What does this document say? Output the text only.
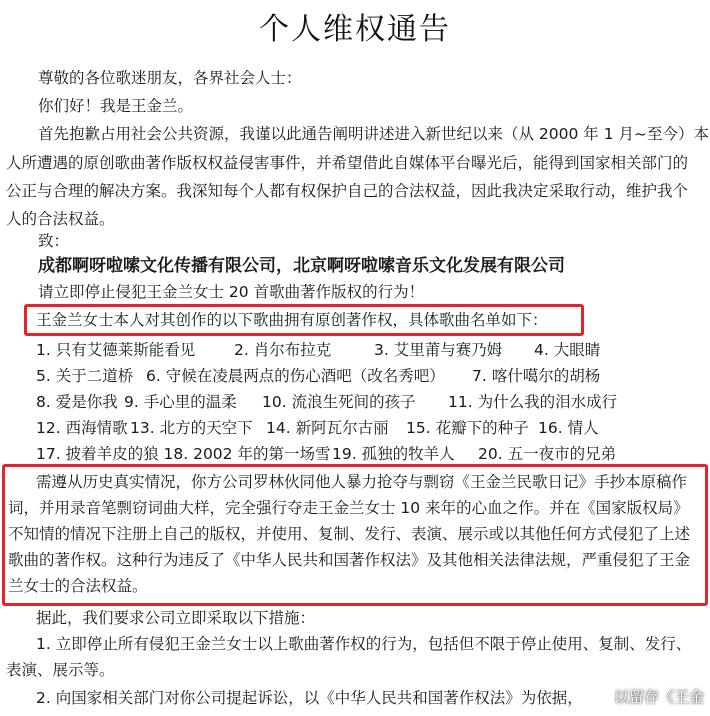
个人维权通告
尊敬的各位歌迷朋友，各界社会人士：
你们好！我是王金兰。
首先抱歉占用社会公共资源，我谨以此通告阐明讲述进入新世纪以来（从 2000 年 1 月~至今）本
人所遭遇的原创歌曲著作版权权益侵害事件，并希望借此自媒体平台曝光后，能得到国家相关部门的
公正与合理的解决方案。我深知每个人都有权保护自己的合法权益，因此我决定采取行动，维护我个
人的合法权益。
致：
成都啊呀啦嗦文化传播有限公司，北京啊呀啦嗦音乐文化发展有限公司
请立即停止侵犯王金兰女士 20 首歌曲著作版权的行为！
王金兰女士本人对其创作的以下歌曲拥有原创著作权，具体歌曲名单如下：
1. 只有艾德莱斯能看见	2. 肖尔布拉克	3. 艾里莆与赛乃姆 4. 大眼睛
5. 关于二道桥 6. 守候在凌晨两点的伤心酒吧（改名秀吧） 7. 喀什噶尔的胡杨
8. 爱是你我 9. 手心里的温柔 10. 流浪生死间的孩子 11. 为什么我的泪水成行
12. 西海情歌 13. 北方的天空下 14. 新阿瓦尔古丽 15. 花瓣下的种子 16. 情人
17. 披着羊皮的狼 18. 2002 年的第一场雪19. 孤独的牧羊人 20. 五一夜市的兄弟
需遵从历史真实情况，你方公司罗林伙同他人暴力抢夺与剽窃《王金兰民歌日记》手抄本原稿作
词，并用录音笔剽窃词曲大样，完全强行夺走王金兰女士 10 来年的心血之作。并在《国家版权局》
不知情的情况下注册上自己的版权，并使用、复制、发行、表演、展示或以其他任何方式侵犯了上述
歌曲的著作权。这种行为违反了《中华人民共和国著作权法》及其他相关法律法规，严重侵犯了王金
兰女士的合法权益。
据此，我们要求公司立即采取以下措施：
1. 立即停止所有侵犯王金兰女士以上歌曲著作权的行为，包括但不限于停止使用、复制、发行、
表演、展示等。
2. 向国家相关部门对你公司提起诉讼，以《中华人民共和国著作权法》为依据， 以留存《王金
